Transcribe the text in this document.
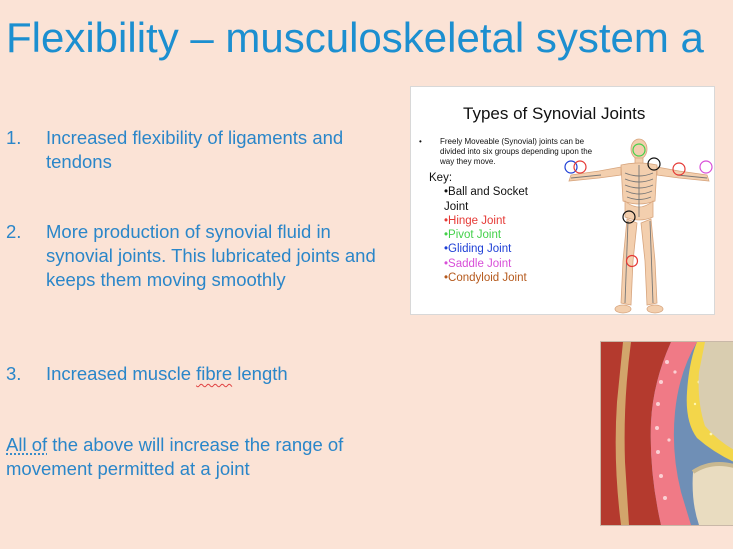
Flexibility – musculoskeletal system a
1. Increased flexibility of ligaments and tendons
2. More production of synovial fluid in synovial joints. This lubricated joints and keeps them moving smoothly
3. Increased muscle fibre length
All of the above will increase the range of movement permitted at a joint
Types of Synovial Joints
• Freely Moveable (Synovial) joints can be divided into six groups depending upon the way they move.
Key:
•Ball and Socket Joint
•Hinge Joint
•Pivot Joint
•Gliding Joint
•Saddle Joint
•Condyloid Joint
